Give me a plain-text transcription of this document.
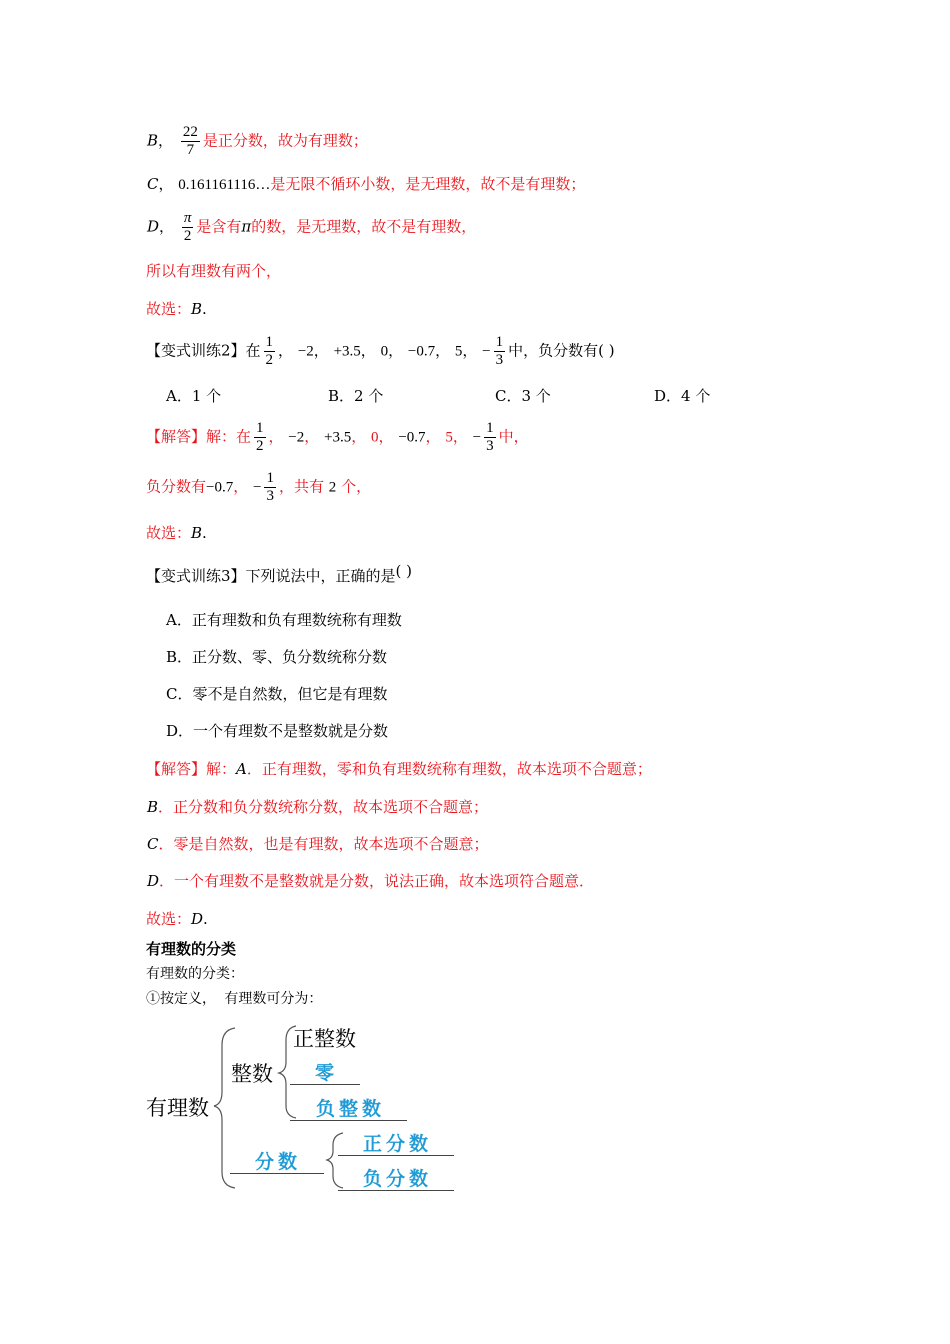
B， $\frac{22}{7}$ 是正分数，故为有理数；
C， 0.161161116…是无限不循环小数，是无理数，故不是有理数；
D， $\frac{\pi}{2}$ 是含有π的数，是无理数，故不是有理数，
所以有理数有两个，
故选：B.
【变式训练2】在 $\frac{1}{2}$ ， −2， +3.5， 0， −0.7， 5， − $\frac{1}{3}$ 中，负分数有( )
A．1 个	B．2 个	C．3 个	D．4 个
【解答】解：在 $\frac{1}{2}$ ， −2， +3.5， 0， −0.7， 5， − $\frac{1}{3}$ 中，
负分数有−0.7， − $\frac{1}{3}$ ，共有 2 个，
故选：B.
【变式训练3】下列说法中，正确的是( )
A．正有理数和负有理数统称有理数
B．正分数、零、负分数统称分数
C．零不是自然数，但它是有理数
D．一个有理数不是整数就是分数
【解答】解：A．正有理数，零和负有理数统称有理数，故本选项不合题意；
B．正分数和负分数统称分数，故本选项不合题意；
C．零是自然数，也是有理数，故本选项不合题意；
D．一个有理数不是整数就是分数，说法正确，故本选项符合题意．
故选：D.
有理数的分类
有理数的分类：
①按定义， 有理数可分为：
有理数
整数
正整数
零
负整数
分数
正分数
负分数
